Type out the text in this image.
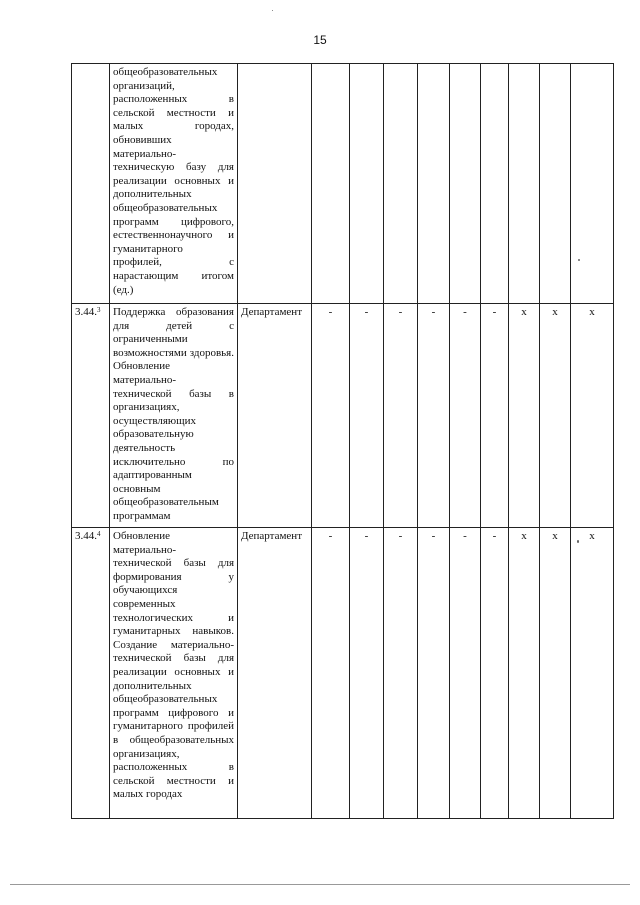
15
	общеобразовательных организаций, расположенных в сельской местности и малых городах, обновивших материально-техническую базу для реализации основных и дополнительных общеобразовательных программ цифрового, естественнонаучного и гуманитарного профилей, с нарастающим итогом (ед.)										
3.44.$^3$	Поддержка образования для детей с ограниченными возможностями здоровья. Обновление материально-технической базы в организациях, осуществляющих образовательную деятельность исключительно по адаптированным основным общеобразовательным программам	Департамент	-	-	-	-	-	-	х	х	х
3.44.$^4$	Обновление материально-технической базы для формирования у обучающихся современных технологических и гуманитарных навыков. Создание материально-технической базы для реализации основных и дополнительных общеобразовательных программ цифрового и гуманитарного профилей в общеобразовательных организациях, расположенных в сельской местности и малых городах	Департамент	-	-	-	-	-	-	х	х	х
